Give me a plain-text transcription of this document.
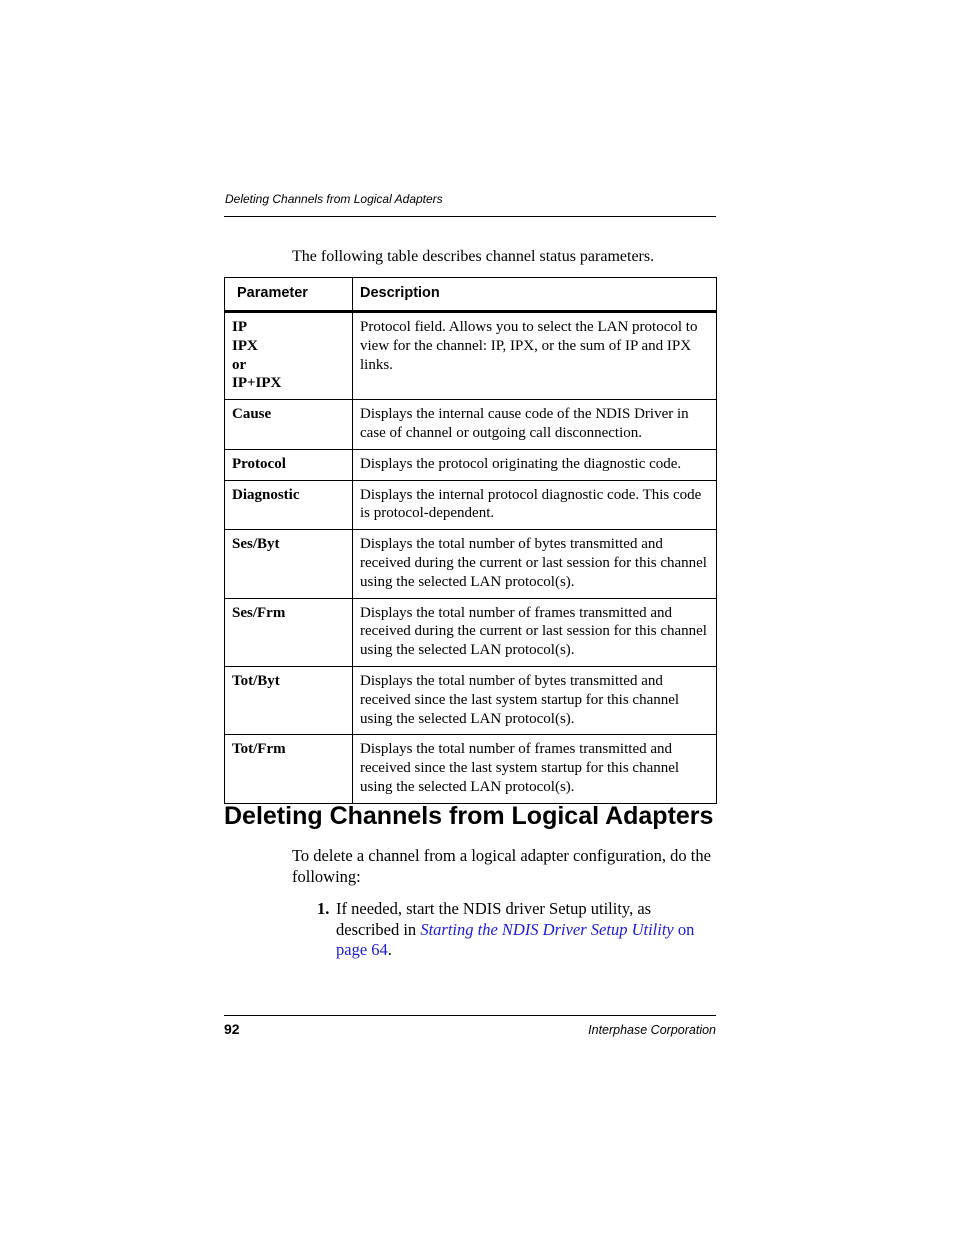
Deleting Channels from Logical Adapters
The following table describes channel status parameters.
Parameter	Description
IP
IPX
or
IP+IPX	Protocol field. Allows you to select the LAN protocol to view for the channel: IP, IPX, or the sum of IP and IPX links.
Cause	Displays the internal cause code of the NDIS Driver in case of channel or outgoing call disconnection.
Protocol	Displays the protocol originating the diagnostic code.
Diagnostic	Displays the internal protocol diagnostic code. This code is protocol-dependent.
Ses/Byt	Displays the total number of bytes transmitted and received during the current or last session for this channel using the selected LAN protocol(s).
Ses/Frm	Displays the total number of frames transmitted and received during the current or last session for this channel using the selected LAN protocol(s).
Tot/Byt	Displays the total number of bytes transmitted and received since the last system startup for this channel using the selected LAN protocol(s).
Tot/Frm	Displays the total number of frames transmitted and received since the last system startup for this channel using the selected LAN protocol(s).
Deleting Channels from Logical Adapters
To delete a channel from a logical adapter configuration, do the following:
1. If needed, start the NDIS driver Setup utility, as described in Starting the NDIS Driver Setup Utility on page 64.
92	Interphase Corporation
